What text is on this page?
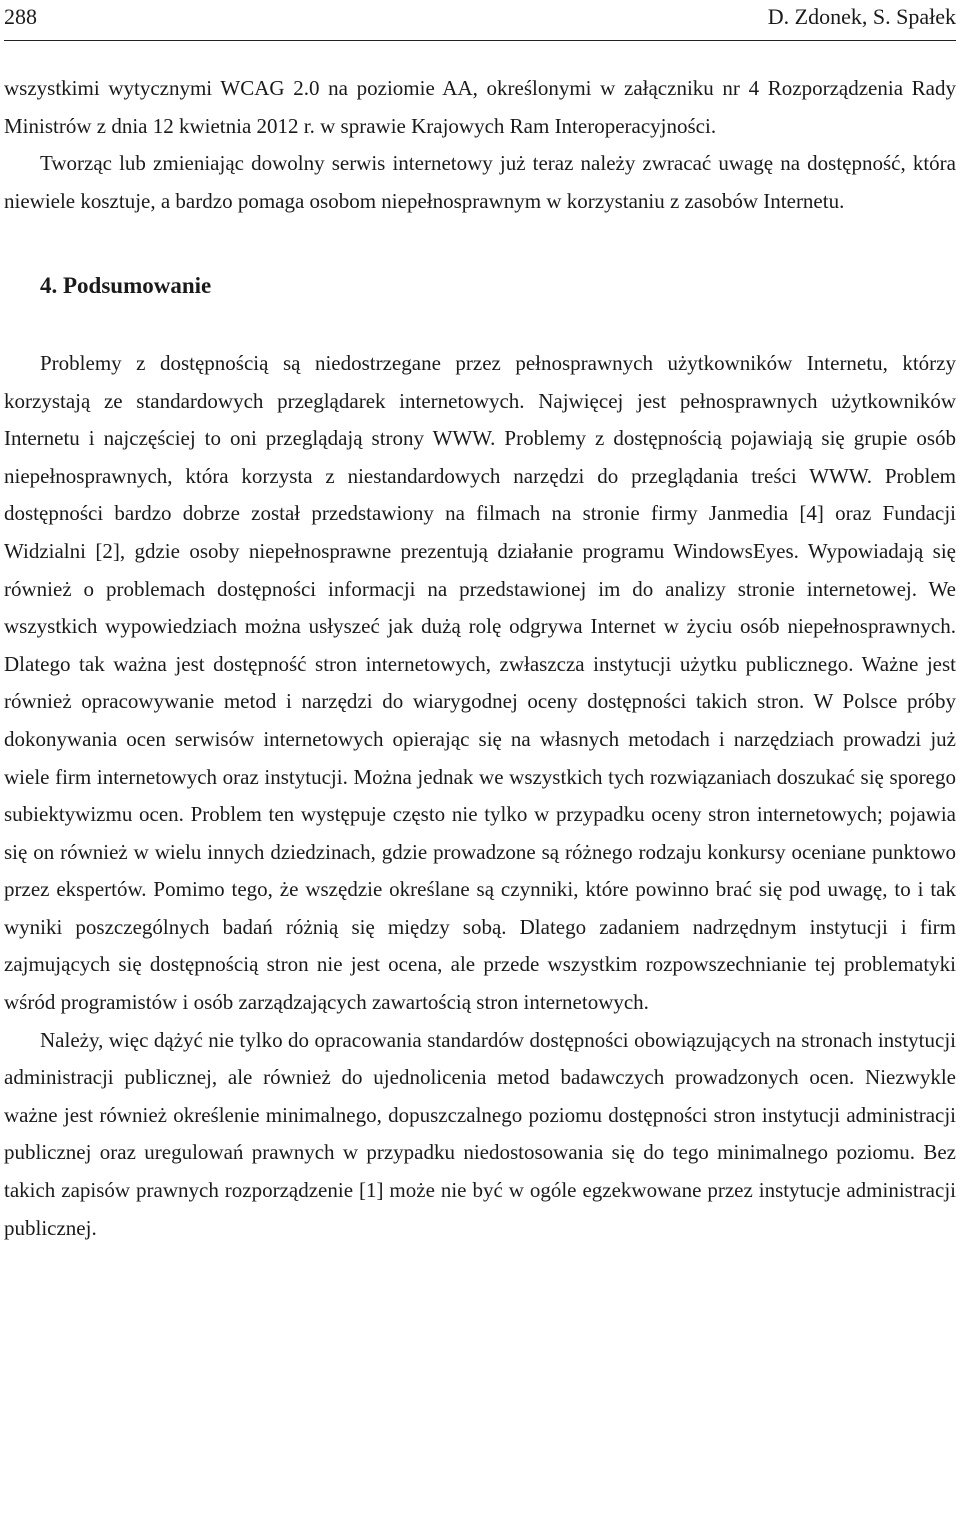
288	D. Zdonek, S. Spałek

wszystkimi wytycznymi WCAG 2.0 na poziomie AA, określonymi w załączniku nr 4 Rozporządzenia Rady Ministrów z dnia 12 kwietnia 2012 r. w sprawie Krajowych Ram Interoperacyjności.

Tworząc lub zmieniając dowolny serwis internetowy już teraz należy zwracać uwagę na dostępność, która niewiele kosztuje, a bardzo pomaga osobom niepełnosprawnym w korzystaniu z zasobów Internetu.

4. Podsumowanie

Problemy z dostępnością są niedostrzegane przez pełnosprawnych użytkowników Internetu, którzy korzystają ze standardowych przeglądarek internetowych. Najwięcej jest pełnosprawnych użytkowników Internetu i najczęściej to oni przeglądają strony WWW. Problemy z dostępnością pojawiają się grupie osób niepełnosprawnych, która korzysta z niestandardowych narzędzi do przeglądania treści WWW. Problem dostępności bardzo dobrze został przedstawiony na filmach na stronie firmy Janmedia [4] oraz Fundacji Widzialni [2], gdzie osoby niepełnosprawne prezentują działanie programu WindowsEyes. Wypowiadają się również o problemach dostępności informacji na przedstawionej im do analizy stronie internetowej. We wszystkich wypowiedziach można usłyszeć jak dużą rolę odgrywa Internet w życiu osób niepełnosprawnych. Dlatego tak ważna jest dostępność stron internetowych, zwłaszcza instytucji użytku publicznego. Ważne jest również opracowywanie metod i narzędzi do wiarygodnej oceny dostępności takich stron. W Polsce próby dokonywania ocen serwisów internetowych opierając się na własnych metodach i narzędziach prowadzi już wiele firm internetowych oraz instytucji. Można jednak we wszystkich tych rozwiązaniach doszukać się sporego subiektywizmu ocen. Problem ten występuje często nie tylko w przypadku oceny stron internetowych; pojawia się on również w wielu innych dziedzinach, gdzie prowadzone są różnego rodzaju konkursy oceniane punktowo przez ekspertów. Pomimo tego, że wszędzie określane są czynniki, które powinno brać się pod uwagę, to i tak wyniki poszczególnych badań różnią się między sobą. Dlatego zadaniem nadrzędnym instytucji i firm zajmujących się dostępnością stron nie jest ocena, ale przede wszystkim rozpowszechnianie tej problematyki wśród programistów i osób zarządzających zawartością stron internetowych.

Należy, więc dążyć nie tylko do opracowania standardów dostępności obowiązujących na stronach instytucji administracji publicznej, ale również do ujednolicenia metod badawczych prowadzonych ocen. Niezwykle ważne jest również określenie minimalnego, dopuszczalnego poziomu dostępności stron instytucji administracji publicznej oraz uregulowań prawnych w przypadku niedostosowania się do tego minimalnego poziomu. Bez takich zapisów prawnych rozporządzenie [1] może nie być w ogóle egzekwowane przez instytucje administracji publicznej.
